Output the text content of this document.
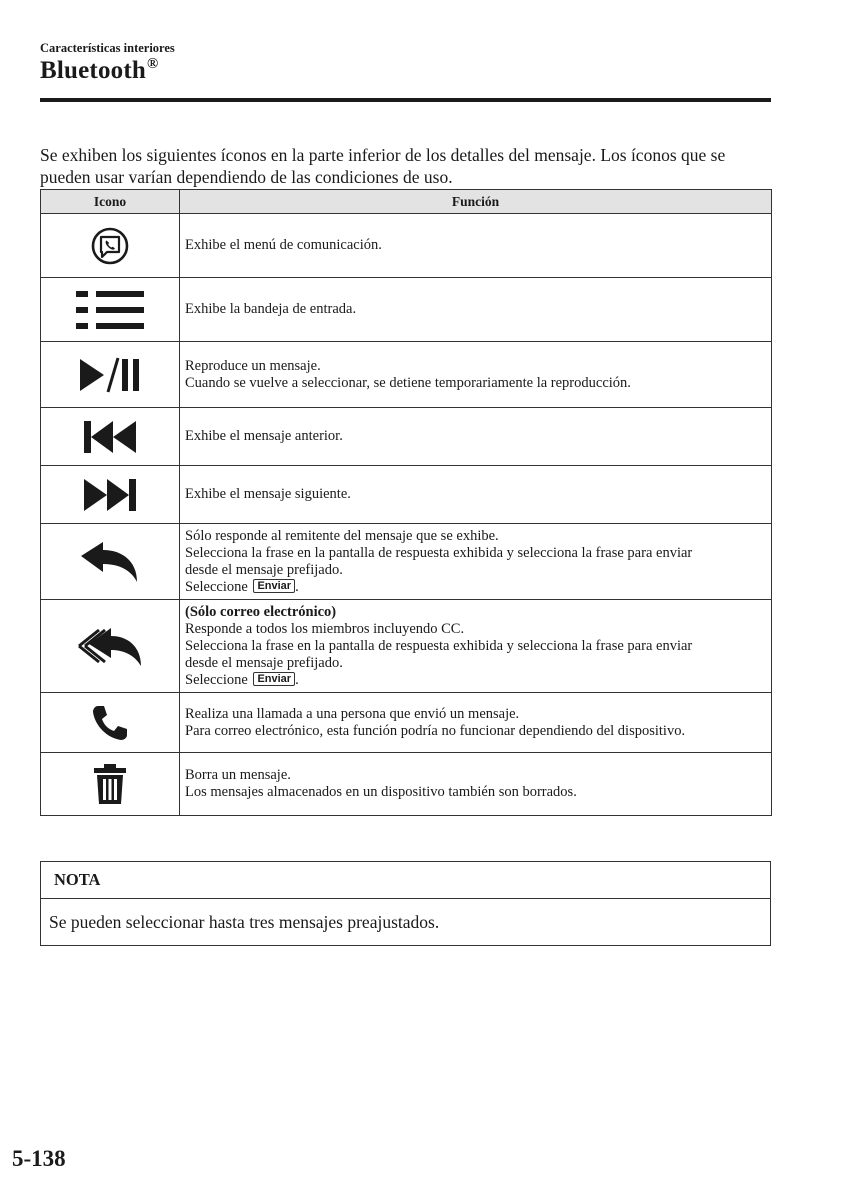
Características interiores
Bluetooth®
Se exhiben los siguientes íconos en la parte inferior de los detalles del mensaje. Los íconos que se pueden usar varían dependiendo de las condiciones de uso.
Icono	Función

Exhibe el menú de comunicación.

Exhibe la bandeja de entrada.

Reproduce un mensaje.
Cuando se vuelve a seleccionar, se detiene temporariamente la reproducción.

Exhibe el mensaje anterior.

Exhibe el mensaje siguiente.

Sólo responde al remitente del mensaje que se exhibe.
Selecciona la frase en la pantalla de respuesta exhibida y selecciona la frase para enviar
desde el mensaje prefijado.
Seleccione Enviar .

(Sólo correo electrónico)
Responde a todos los miembros incluyendo CC.
Selecciona la frase en la pantalla de respuesta exhibida y selecciona la frase para enviar
desde el mensaje prefijado.
Seleccione Enviar .

Realiza una llamada a una persona que envió un mensaje.
Para correo electrónico, esta función podría no funcionar dependiendo del dispositivo.

Borra un mensaje.
Los mensajes almacenados en un dispositivo también son borrados.
NOTA
Se pueden seleccionar hasta tres mensajes preajustados.
5-138
